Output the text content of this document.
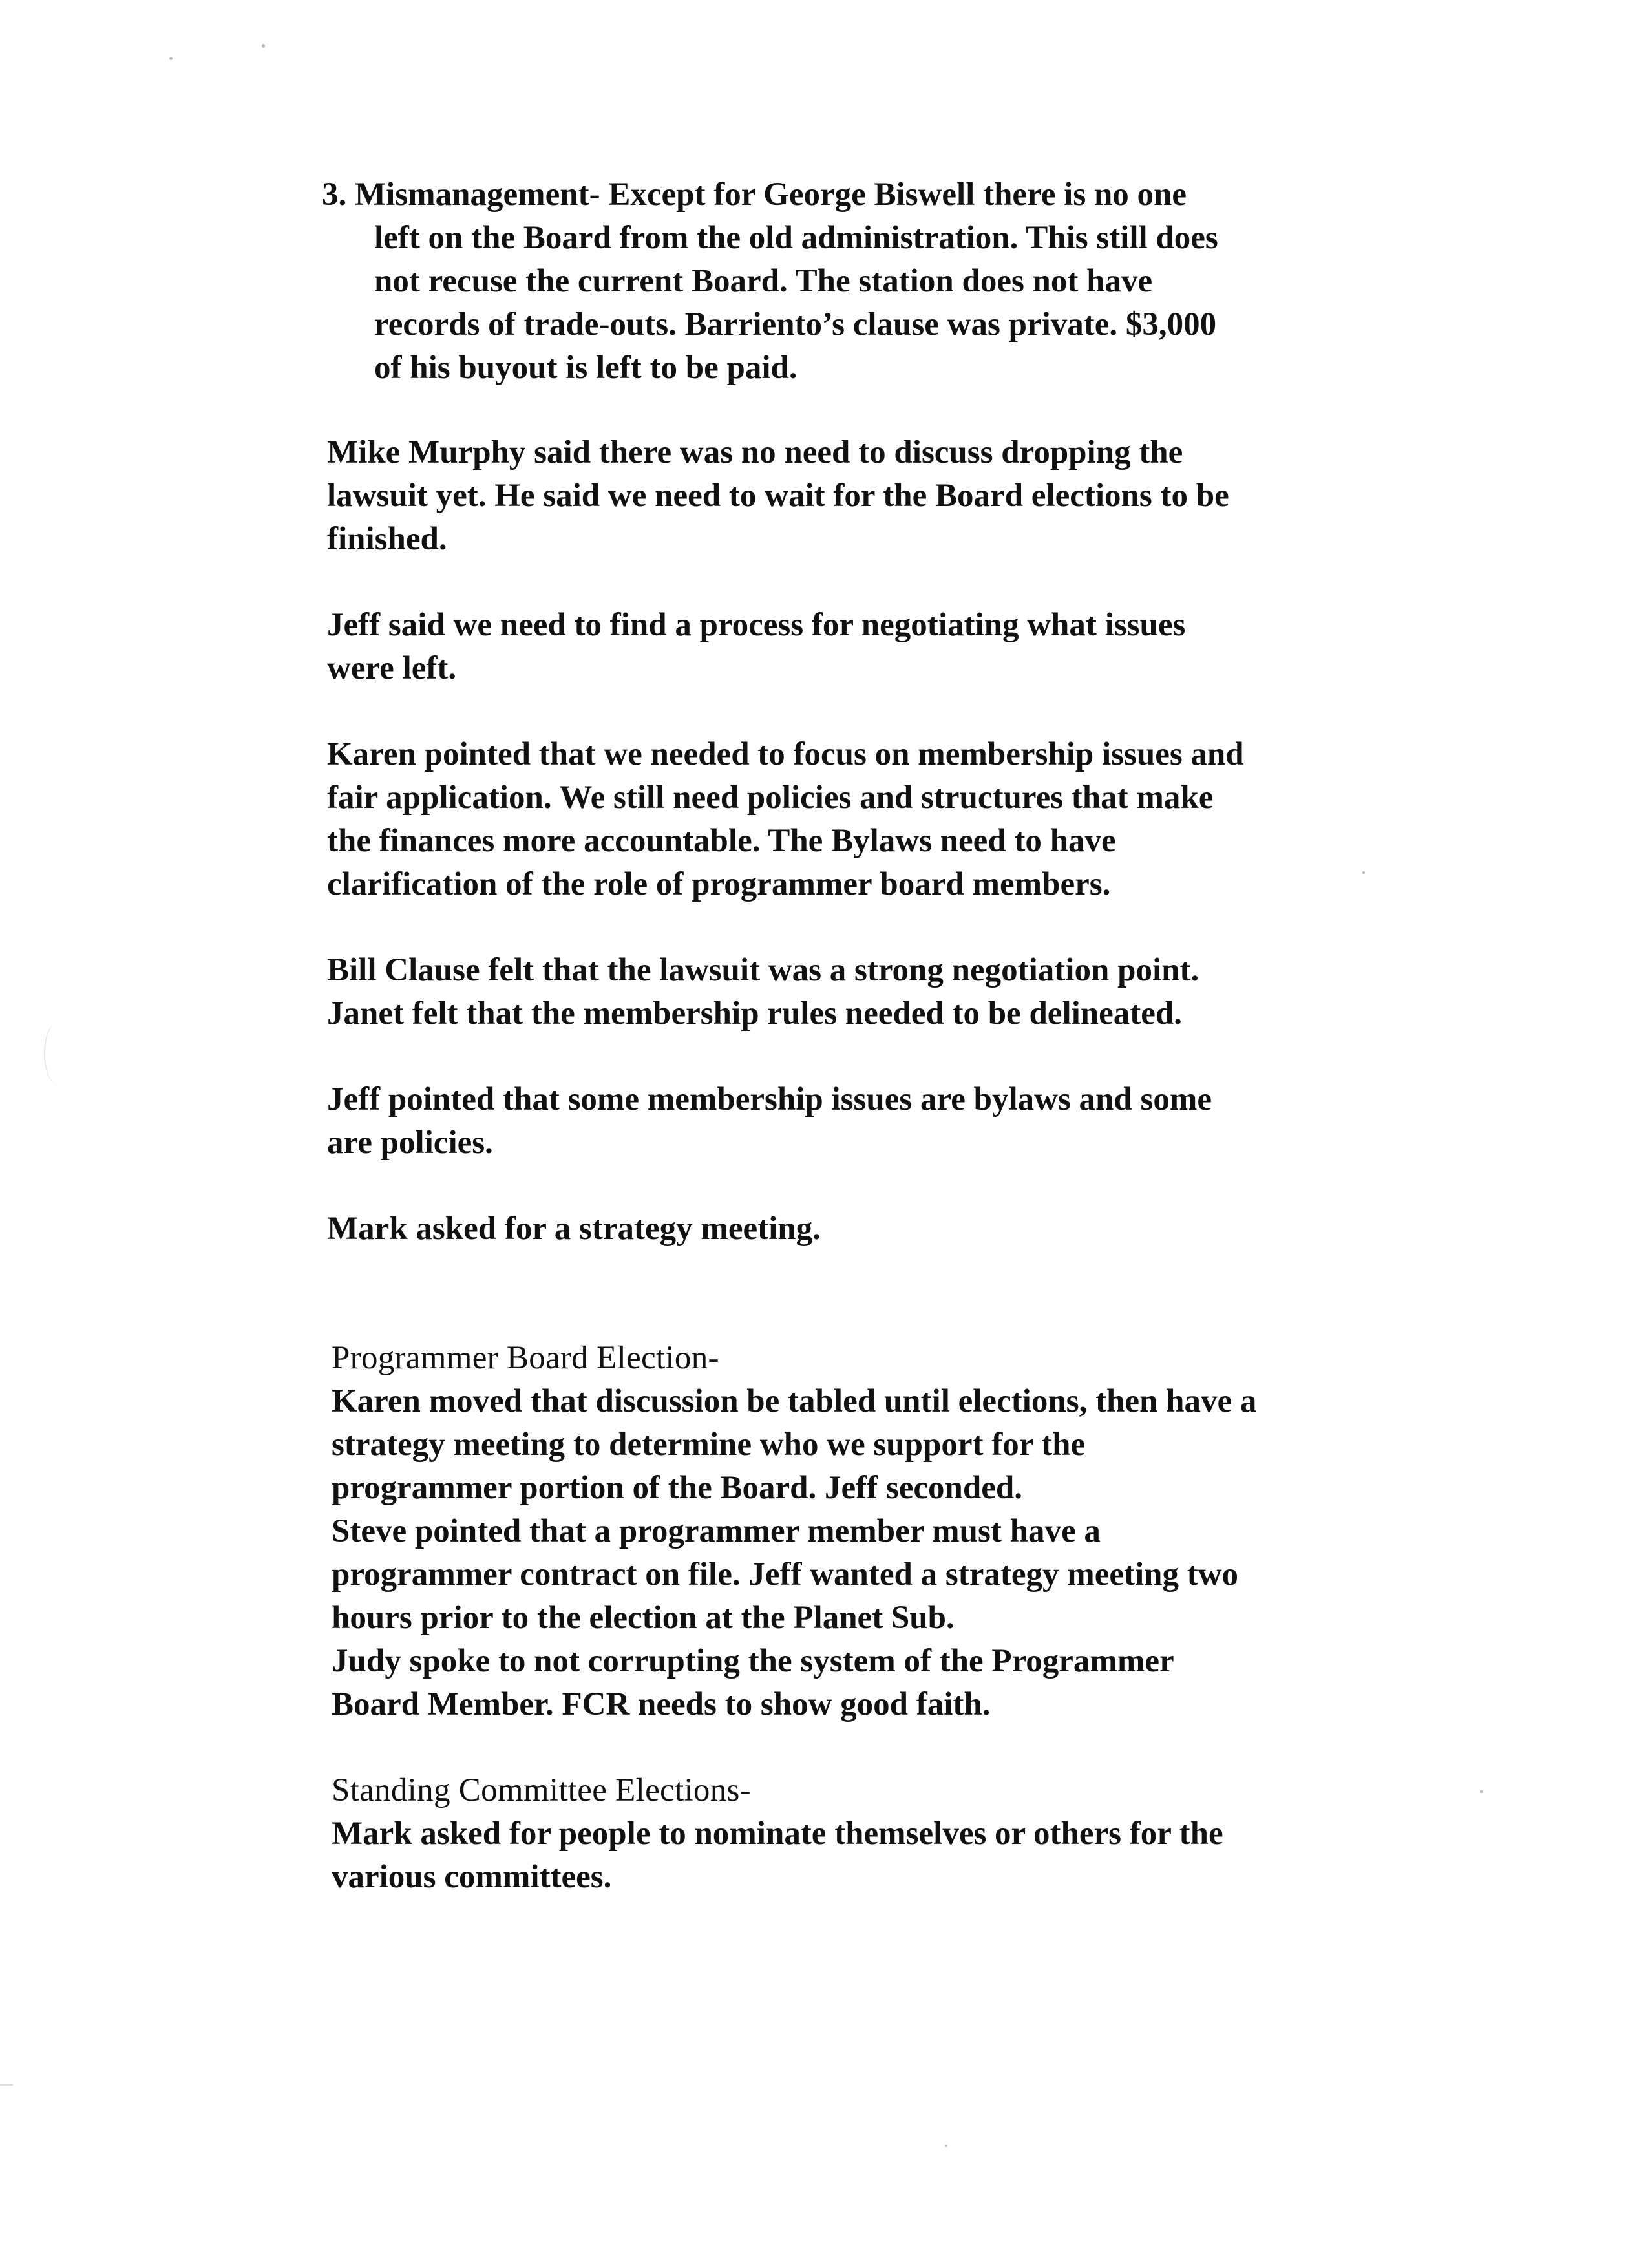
3. Mismanagement- Except for George Biswell there is no one

left on the Board from the old administration. This still does

not recuse the current Board. The station does not have

records of trade-outs. Barriento’s clause was private. $3,000

of his buyout is left to be paid.

Mike Murphy said there was no need to discuss dropping the

lawsuit yet. He said we need to wait for the Board elections to be

finished.

Jeff said we need to find a process for negotiating what issues

were left.

Karen pointed that we needed to focus on membership issues and

fair application. We still need policies and structures that make

the finances more accountable. The Bylaws need to have

clarification of the role of programmer board members.

Bill Clause felt that the lawsuit was a strong negotiation point.

Janet felt that the membership rules needed to be delineated.

Jeff pointed that some membership issues are bylaws and some

are policies.

Mark asked for a strategy meeting.

Programmer Board Election-

Karen moved that discussion be tabled until elections, then have a

strategy meeting to determine who we support for the

programmer portion of the Board. Jeff seconded.

Steve pointed that a programmer member must have a

programmer contract on file. Jeff wanted a strategy meeting two

hours prior to the election at the Planet Sub.

Judy spoke to not corrupting the system of the Programmer

Board Member. FCR needs to show good faith.

Standing Committee Elections-

Mark asked for people to nominate themselves or others for the

various committees.
